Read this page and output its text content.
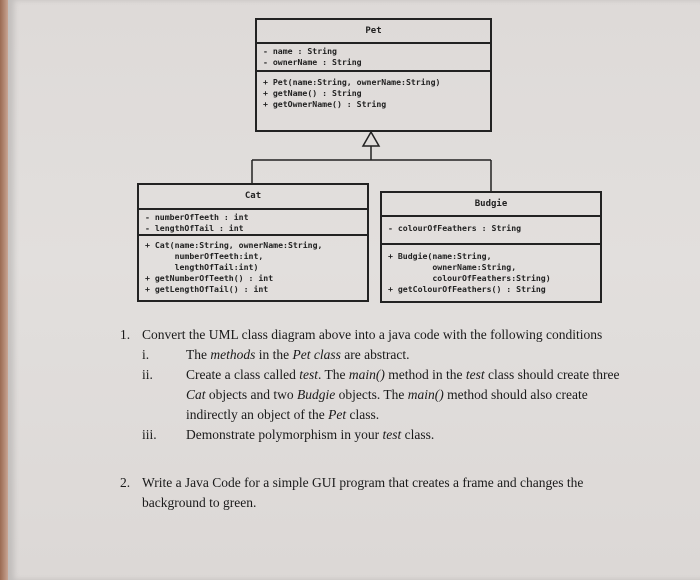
Pet
- name : String
- ownerName : String
+ Pet(name:String, ownerName:String)
+ getName() : String
+ getOwnerName() : String
Cat
- numberOfTeeth : int
- lengthOfTail : int
+ Cat(name:String, ownerName:String,
numberOfTeeth:int,
lengthOfTail:int)
+ getNumberOfTeeth() : int
+ getLengthOfTail() : int
Budgie
- colourOfFeathers : String
+ Budgie(name:String,
ownerName:String,
colourOfFeathers:String)
+ getColourOfFeathers() : String
1. Convert the UML class diagram above into a java code with the following conditions
i.	The methods in the Pet class are abstract.
ii. Create a class called test. The main() method in the test class should create three
Cat objects and two Budgie objects. The main() method should also create
indirectly an object of the Pet class.
iii. Demonstrate polymorphism in your test class.
2. Write a Java Code for a simple GUI program that creates a frame and changes the
background to green.
